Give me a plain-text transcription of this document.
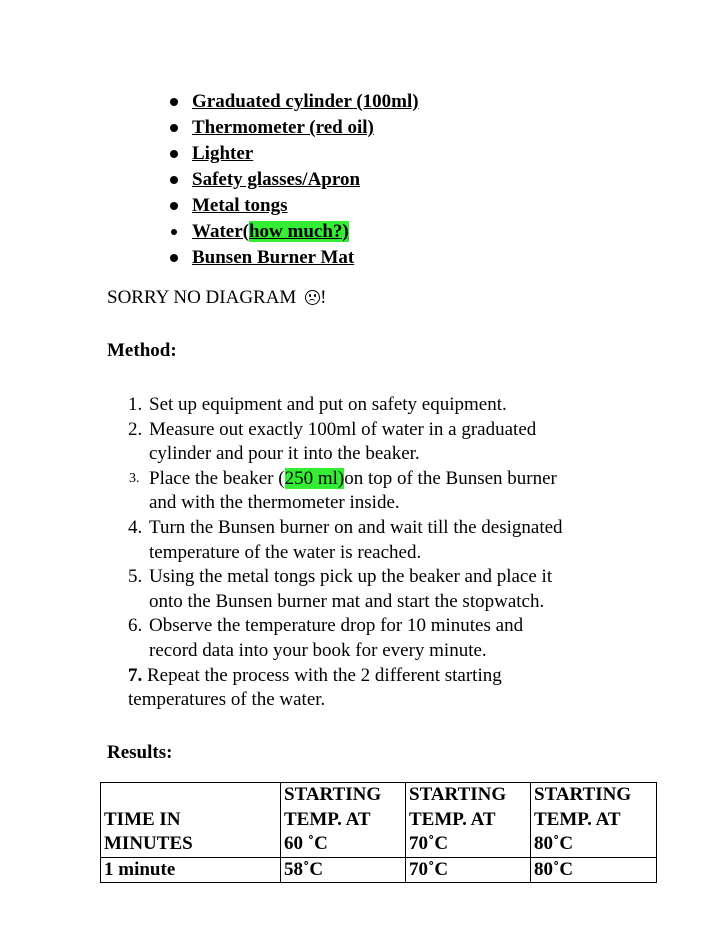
Graduated cylinder (100ml)
Thermometer (red oil)
Lighter
Safety glasses/Apron
Metal tongs
Water(how much?)
Bunsen Burner Mat
SORRY NO DIAGRAM !
Method:
1. Set up equipment and put on safety equipment.
2. Measure out exactly 100ml of water in a graduated
cylinder and pour it into the beaker.
3. Place the beaker (250 ml)on top of the Bunsen burner
and with the thermometer inside.
4. Turn the Bunsen burner on and wait till the designated
temperature of the water is reached.
5. Using the metal tongs pick up the beaker and place it
onto the Bunsen burner mat and start the stopwatch.
6. Observe the temperature drop for 10 minutes and
record data into your book for every minute.
7. Repeat the process with the 2 different starting
temperatures of the water.
Results:
TIME IN
MINUTES	STARTING
TEMP. AT
60 ˚C	STARTING
TEMP. AT
70˚C	STARTING
TEMP. AT
80˚C

1 minute	58˚C	70˚C	80˚C
